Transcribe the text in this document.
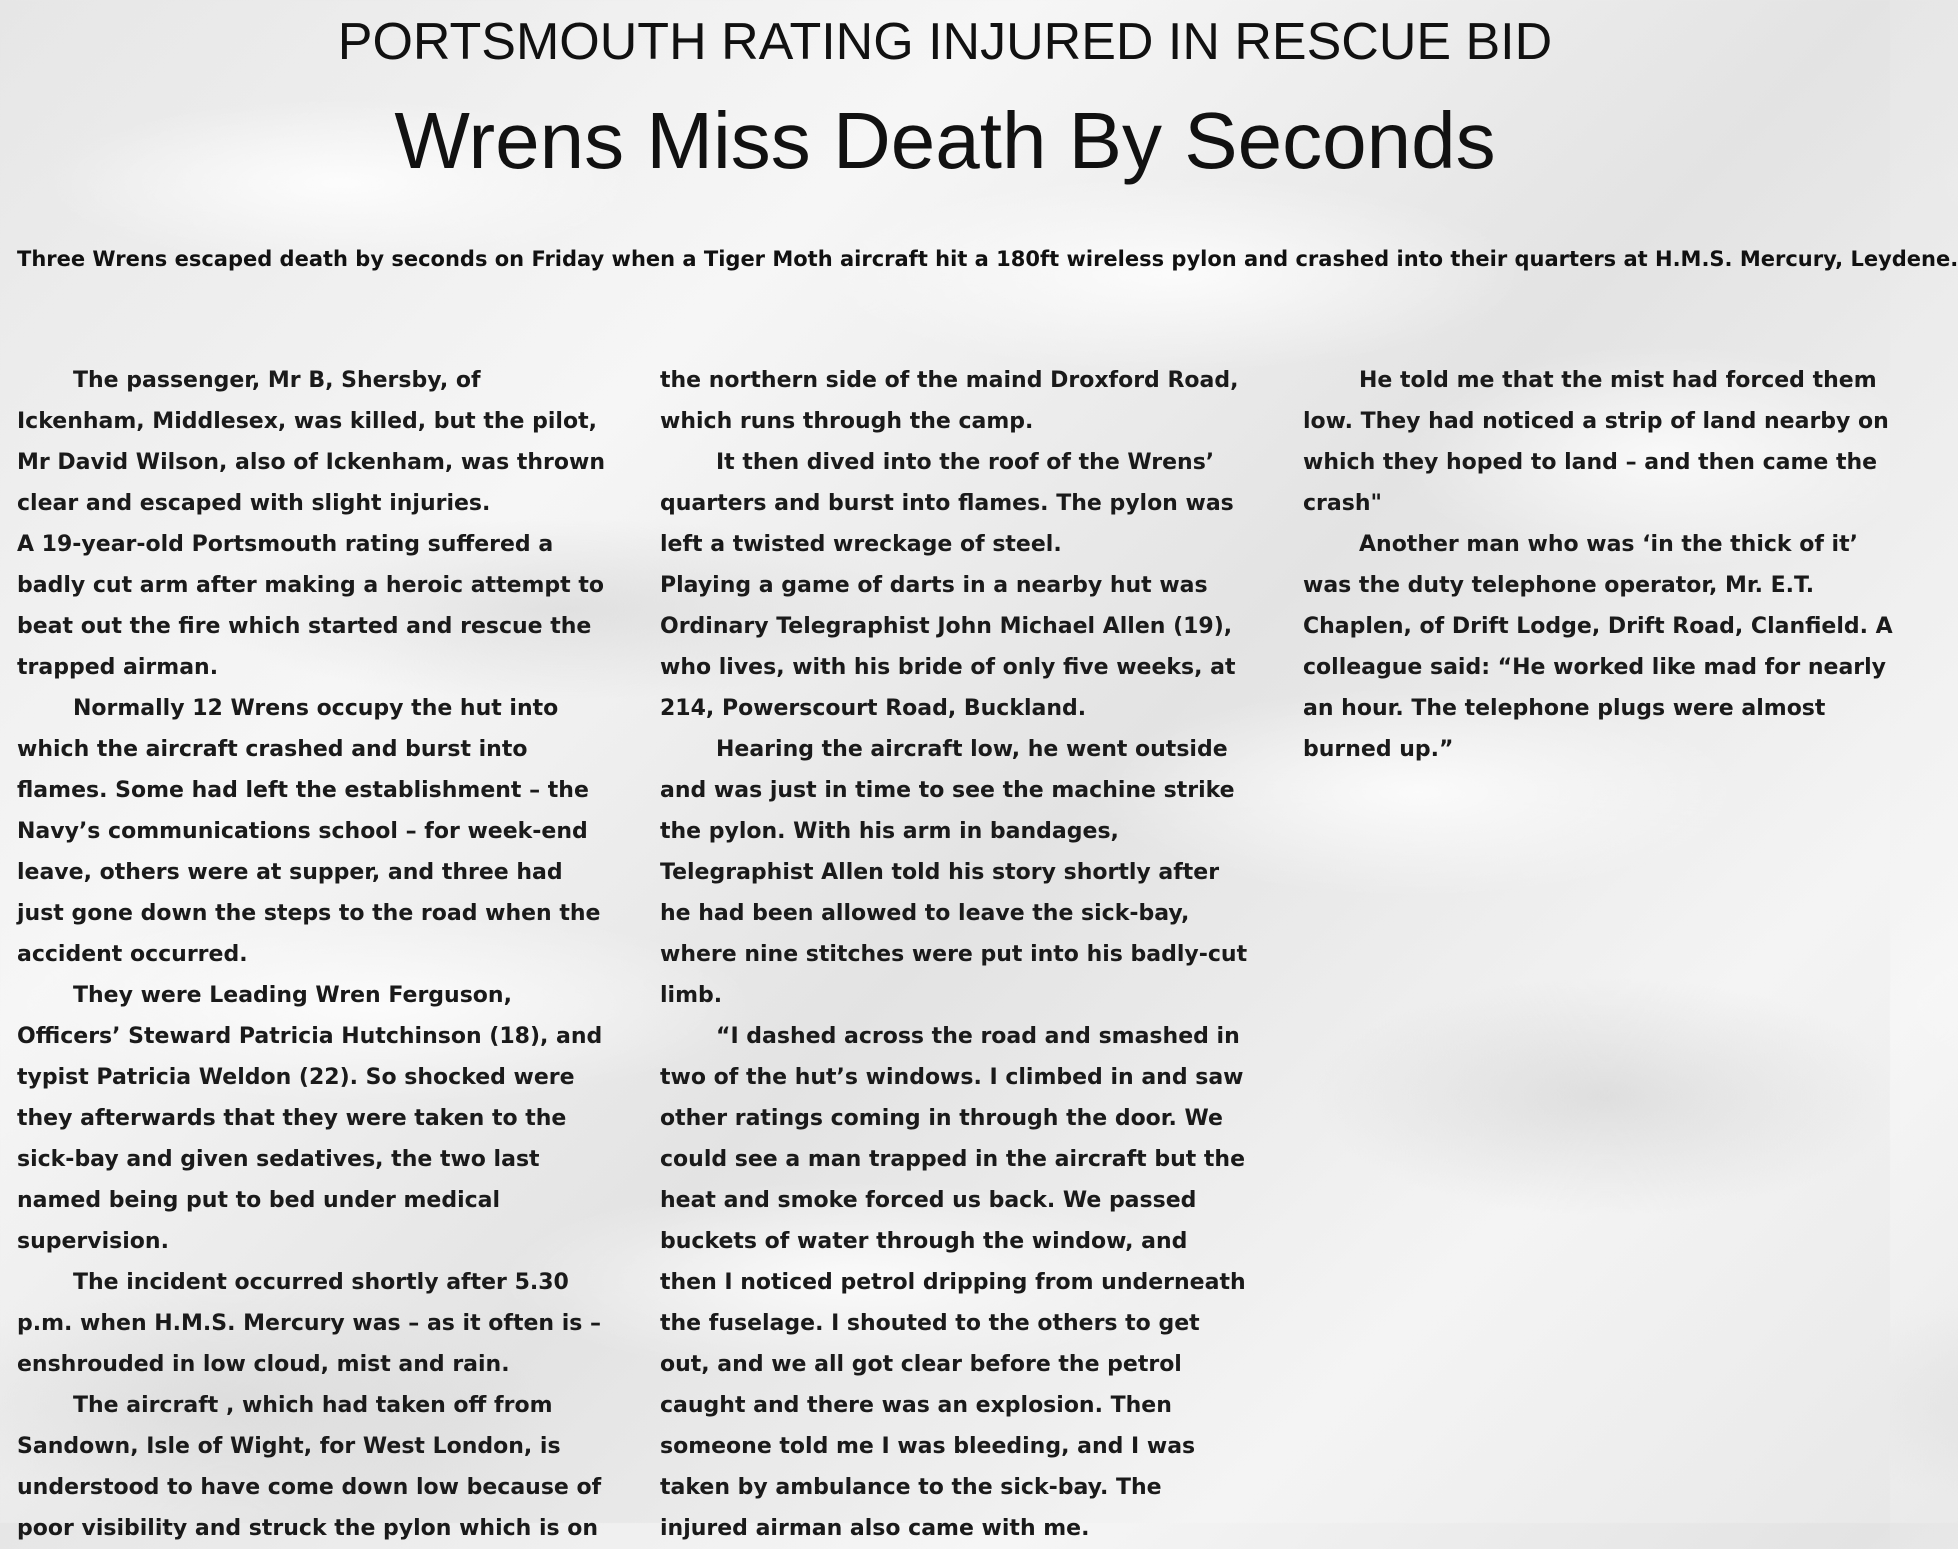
PORTSMOUTH RATING INJURED IN RESCUE BID
Wrens Miss Death By Seconds

Three Wrens escaped death by seconds on Friday when a Tiger Moth aircraft hit a 180ft wireless pylon and crashed into their quarters at H.M.S. Mercury, Leydene.

The passenger, Mr B, Shersby, of Ickenham, Middlesex, was killed, but the pilot, Mr David Wilson, also of Ickenham, was thrown clear and escaped with slight injuries.

A 19-year-old Portsmouth rating suffered a badly cut arm after making a heroic attempt to beat out the fire which started and rescue the trapped airman.

Normally 12 Wrens occupy the hut into which the aircraft crashed and burst into flames. Some had left the establishment – the Navy’s communications school – for week-end leave, others were at supper, and three had just gone down the steps to the road when the accident occurred.

They were Leading Wren Ferguson, Officers’ Steward Patricia Hutchinson (18), and typist Patricia Weldon (22). So shocked were they afterwards that they were taken to the sick-bay and given sedatives, the two last named being put to bed under medical supervision.

The incident occurred shortly after 5.30 p.m. when H.M.S. Mercury was – as it often is – enshrouded in low cloud, mist and rain.

The aircraft , which had taken off from Sandown, Isle of Wight, for West London, is understood to have come down low because of poor visibility and struck the pylon which is on

the northern side of the maind Droxford Road, which runs through the camp.

It then dived into the roof of the Wrens’ quarters and burst into flames. The pylon was left a twisted wreckage of steel.

Playing a game of darts in a nearby hut was Ordinary Telegraphist John Michael Allen (19), who lives, with his bride of only five weeks, at 214, Powerscourt Road, Buckland.

Hearing the aircraft low, he went outside and was just in time to see the machine strike the pylon. With his arm in bandages, Telegraphist Allen told his story shortly after he had been allowed to leave the sick-bay, where nine stitches were put into his badly-cut limb.

“I dashed across the road and smashed in two of the hut’s windows. I climbed in and saw other ratings coming in through the door. We could see a man trapped in the aircraft but the heat and smoke forced us back. We passed buckets of water through the window, and then I noticed petrol dripping from underneath the fuselage. I shouted to the others to get out, and we all got clear before the petrol caught and there was an explosion. Then someone told me I was bleeding, and I was taken by ambulance to the sick-bay. The injured airman also came with me.

He told me that the mist had forced them low. They had noticed a strip of land nearby on which they hoped to land – and then came the crash"

Another man who was ‘in the thick of it’ was the duty telephone operator, Mr. E.T. Chaplen, of Drift Lodge, Drift Road, Clanfield. A colleague said: “He worked like mad for nearly an hour. The telephone plugs were almost burned up.”
